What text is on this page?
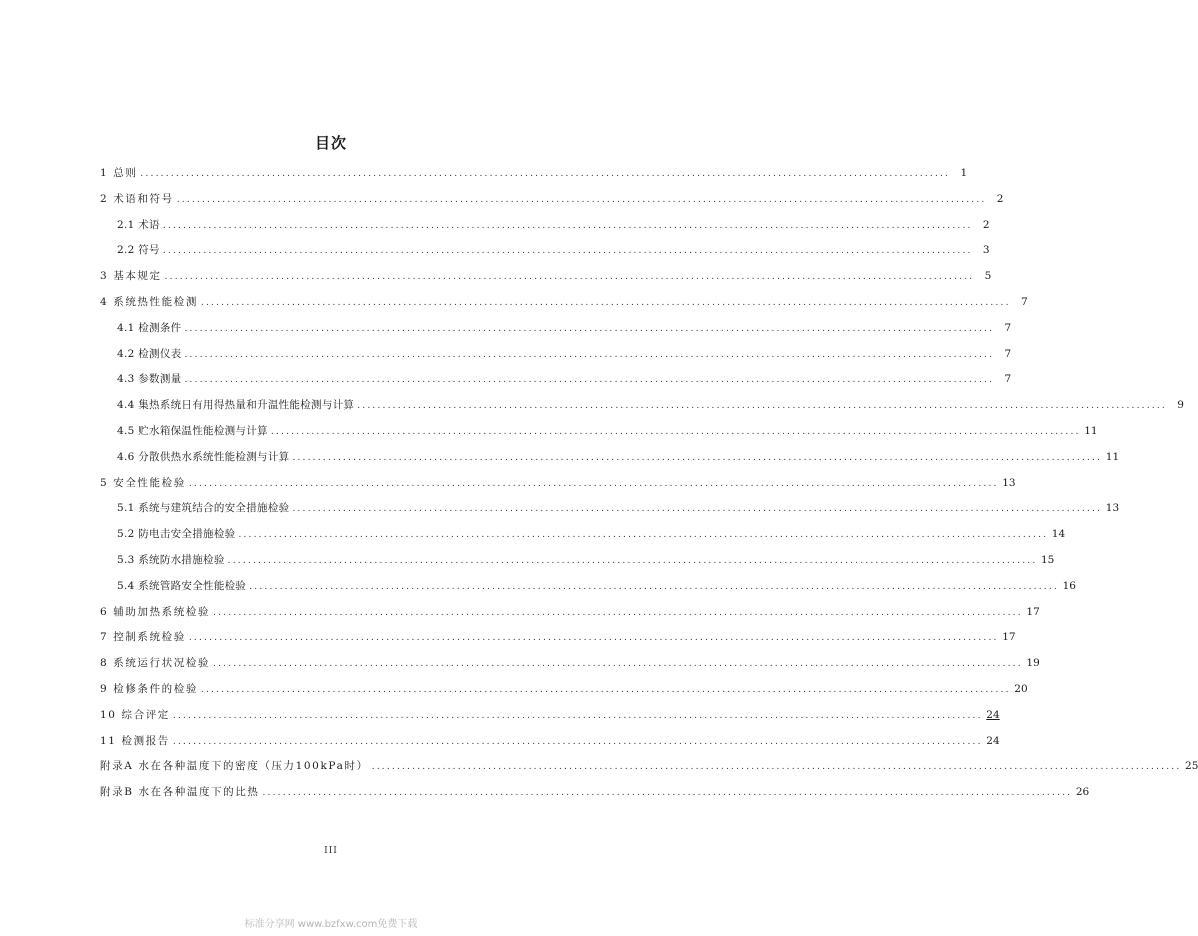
目次
1 总则 ................................................................................................................................................................ 1
2 术语和符号 ................................................................................................................................................................ 2
2.1 术语 ................................................................................................................................................................ 2
2.2 符号 ................................................................................................................................................................ 3
3 基本规定 ................................................................................................................................................................ 5
4 系统热性能检测 ................................................................................................................................................................ 7
4.1 检测条件 ................................................................................................................................................................ 7
4.2 检测仪表 ................................................................................................................................................................ 7
4.3 参数测量 ................................................................................................................................................................ 7
4.4 集热系统日有用得热量和升温性能检测与计算 ................................................................................................................................................................ 9
4.5 贮水箱保温性能检测与计算 ................................................................................................................................................................ 11
4.6 分散供热水系统性能检测与计算 ................................................................................................................................................................ 11
5 安全性能检验 ................................................................................................................................................................ 13
5.1 系统与建筑结合的安全措施检验 ................................................................................................................................................................ 13
5.2 防电击安全措施检验 ................................................................................................................................................................ 14
5.3 系统防水措施检验 ................................................................................................................................................................ 15
5.4 系统管路安全性能检验 ................................................................................................................................................................ 16
6 辅助加热系统检验 ................................................................................................................................................................ 17
7 控制系统检验 ................................................................................................................................................................ 17
8 系统运行状况检验 ................................................................................................................................................................ 19
9 检修条件的检验 ................................................................................................................................................................ 20
10 综合评定 ................................................................................................................................................................ 24
11 检测报告 ................................................................................................................................................................ 24
附录A 水在各种温度下的密度（压力100kPa时） ................................................................................................................................................................ 25
附录B 水在各种温度下的比热 ................................................................................................................................................................ 26
III
标准分享网 www.bzfxw.com免费下载
